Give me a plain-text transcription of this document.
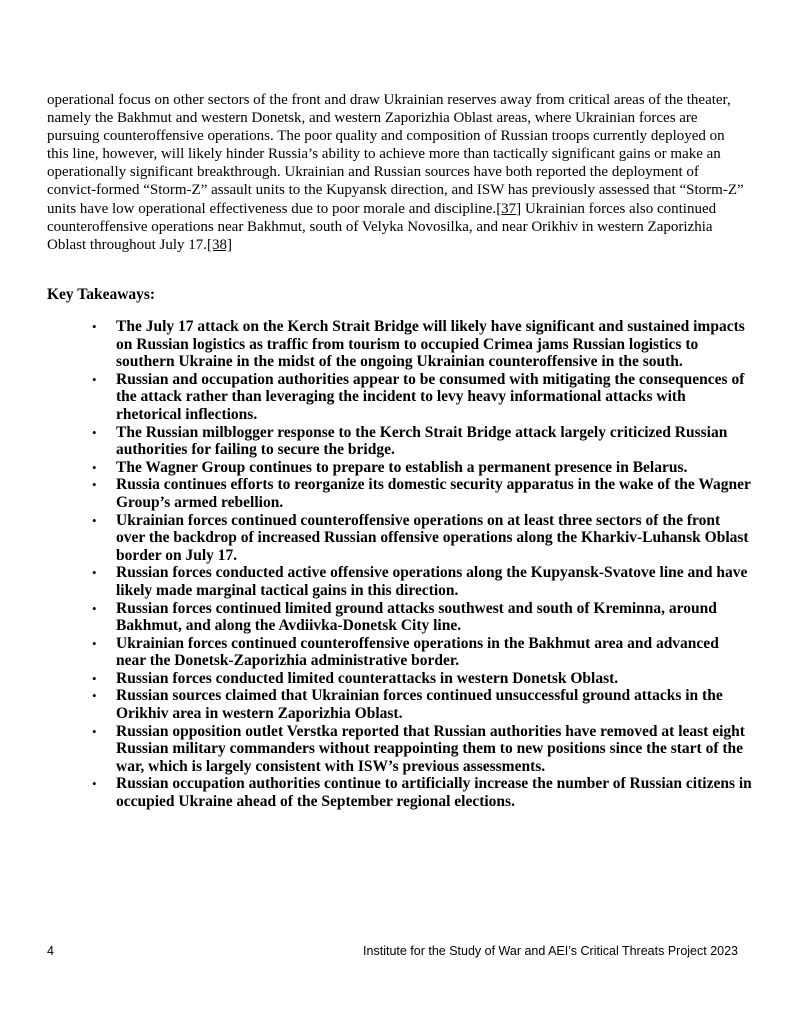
operational focus on other sectors of the front and draw Ukrainian reserves away from critical areas of the theater, namely the Bakhmut and western Donetsk, and western Zaporizhia Oblast areas, where Ukrainian forces are pursuing counteroffensive operations. The poor quality and composition of Russian troops currently deployed on this line, however, will likely hinder Russia’s ability to achieve more than tactically significant gains or make an operationally significant breakthrough. Ukrainian and Russian sources have both reported the deployment of convict-formed “Storm-Z” assault units to the Kupyansk direction, and ISW has previously assessed that “Storm-Z” units have low operational effectiveness due to poor morale and discipline.[37] Ukrainian forces also continued counteroffensive operations near Bakhmut, south of Velyka Novosilka, and near Orikhiv in western Zaporizhia Oblast throughout July 17.[38]

Key Takeaways:
• The July 17 attack on the Kerch Strait Bridge will likely have significant and sustained impacts on Russian logistics as traffic from tourism to occupied Crimea jams Russian logistics to southern Ukraine in the midst of the ongoing Ukrainian counteroffensive in the south.
• Russian and occupation authorities appear to be consumed with mitigating the consequences of the attack rather than leveraging the incident to levy heavy informational attacks with rhetorical inflections.
• The Russian milblogger response to the Kerch Strait Bridge attack largely criticized Russian authorities for failing to secure the bridge.
• The Wagner Group continues to prepare to establish a permanent presence in Belarus.
• Russia continues efforts to reorganize its domestic security apparatus in the wake of the Wagner Group’s armed rebellion.
• Ukrainian forces continued counteroffensive operations on at least three sectors of the front over the backdrop of increased Russian offensive operations along the Kharkiv-Luhansk Oblast border on July 17.
• Russian forces conducted active offensive operations along the Kupyansk-Svatove line and have likely made marginal tactical gains in this direction.
• Russian forces continued limited ground attacks southwest and south of Kreminna, around Bakhmut, and along the Avdiivka-Donetsk City line.
• Ukrainian forces continued counteroffensive operations in the Bakhmut area and advanced near the Donetsk-Zaporizhia administrative border.
• Russian forces conducted limited counterattacks in western Donetsk Oblast.
• Russian sources claimed that Ukrainian forces continued unsuccessful ground attacks in the Orikhiv area in western Zaporizhia Oblast.
• Russian opposition outlet Verstka reported that Russian authorities have removed at least eight Russian military commanders without reappointing them to new positions since the start of the war, which is largely consistent with ISW’s previous assessments.
• Russian occupation authorities continue to artificially increase the number of Russian citizens in occupied Ukraine ahead of the September regional elections.
4	Institute for the Study of War and AEI’s Critical Threats Project 2023
